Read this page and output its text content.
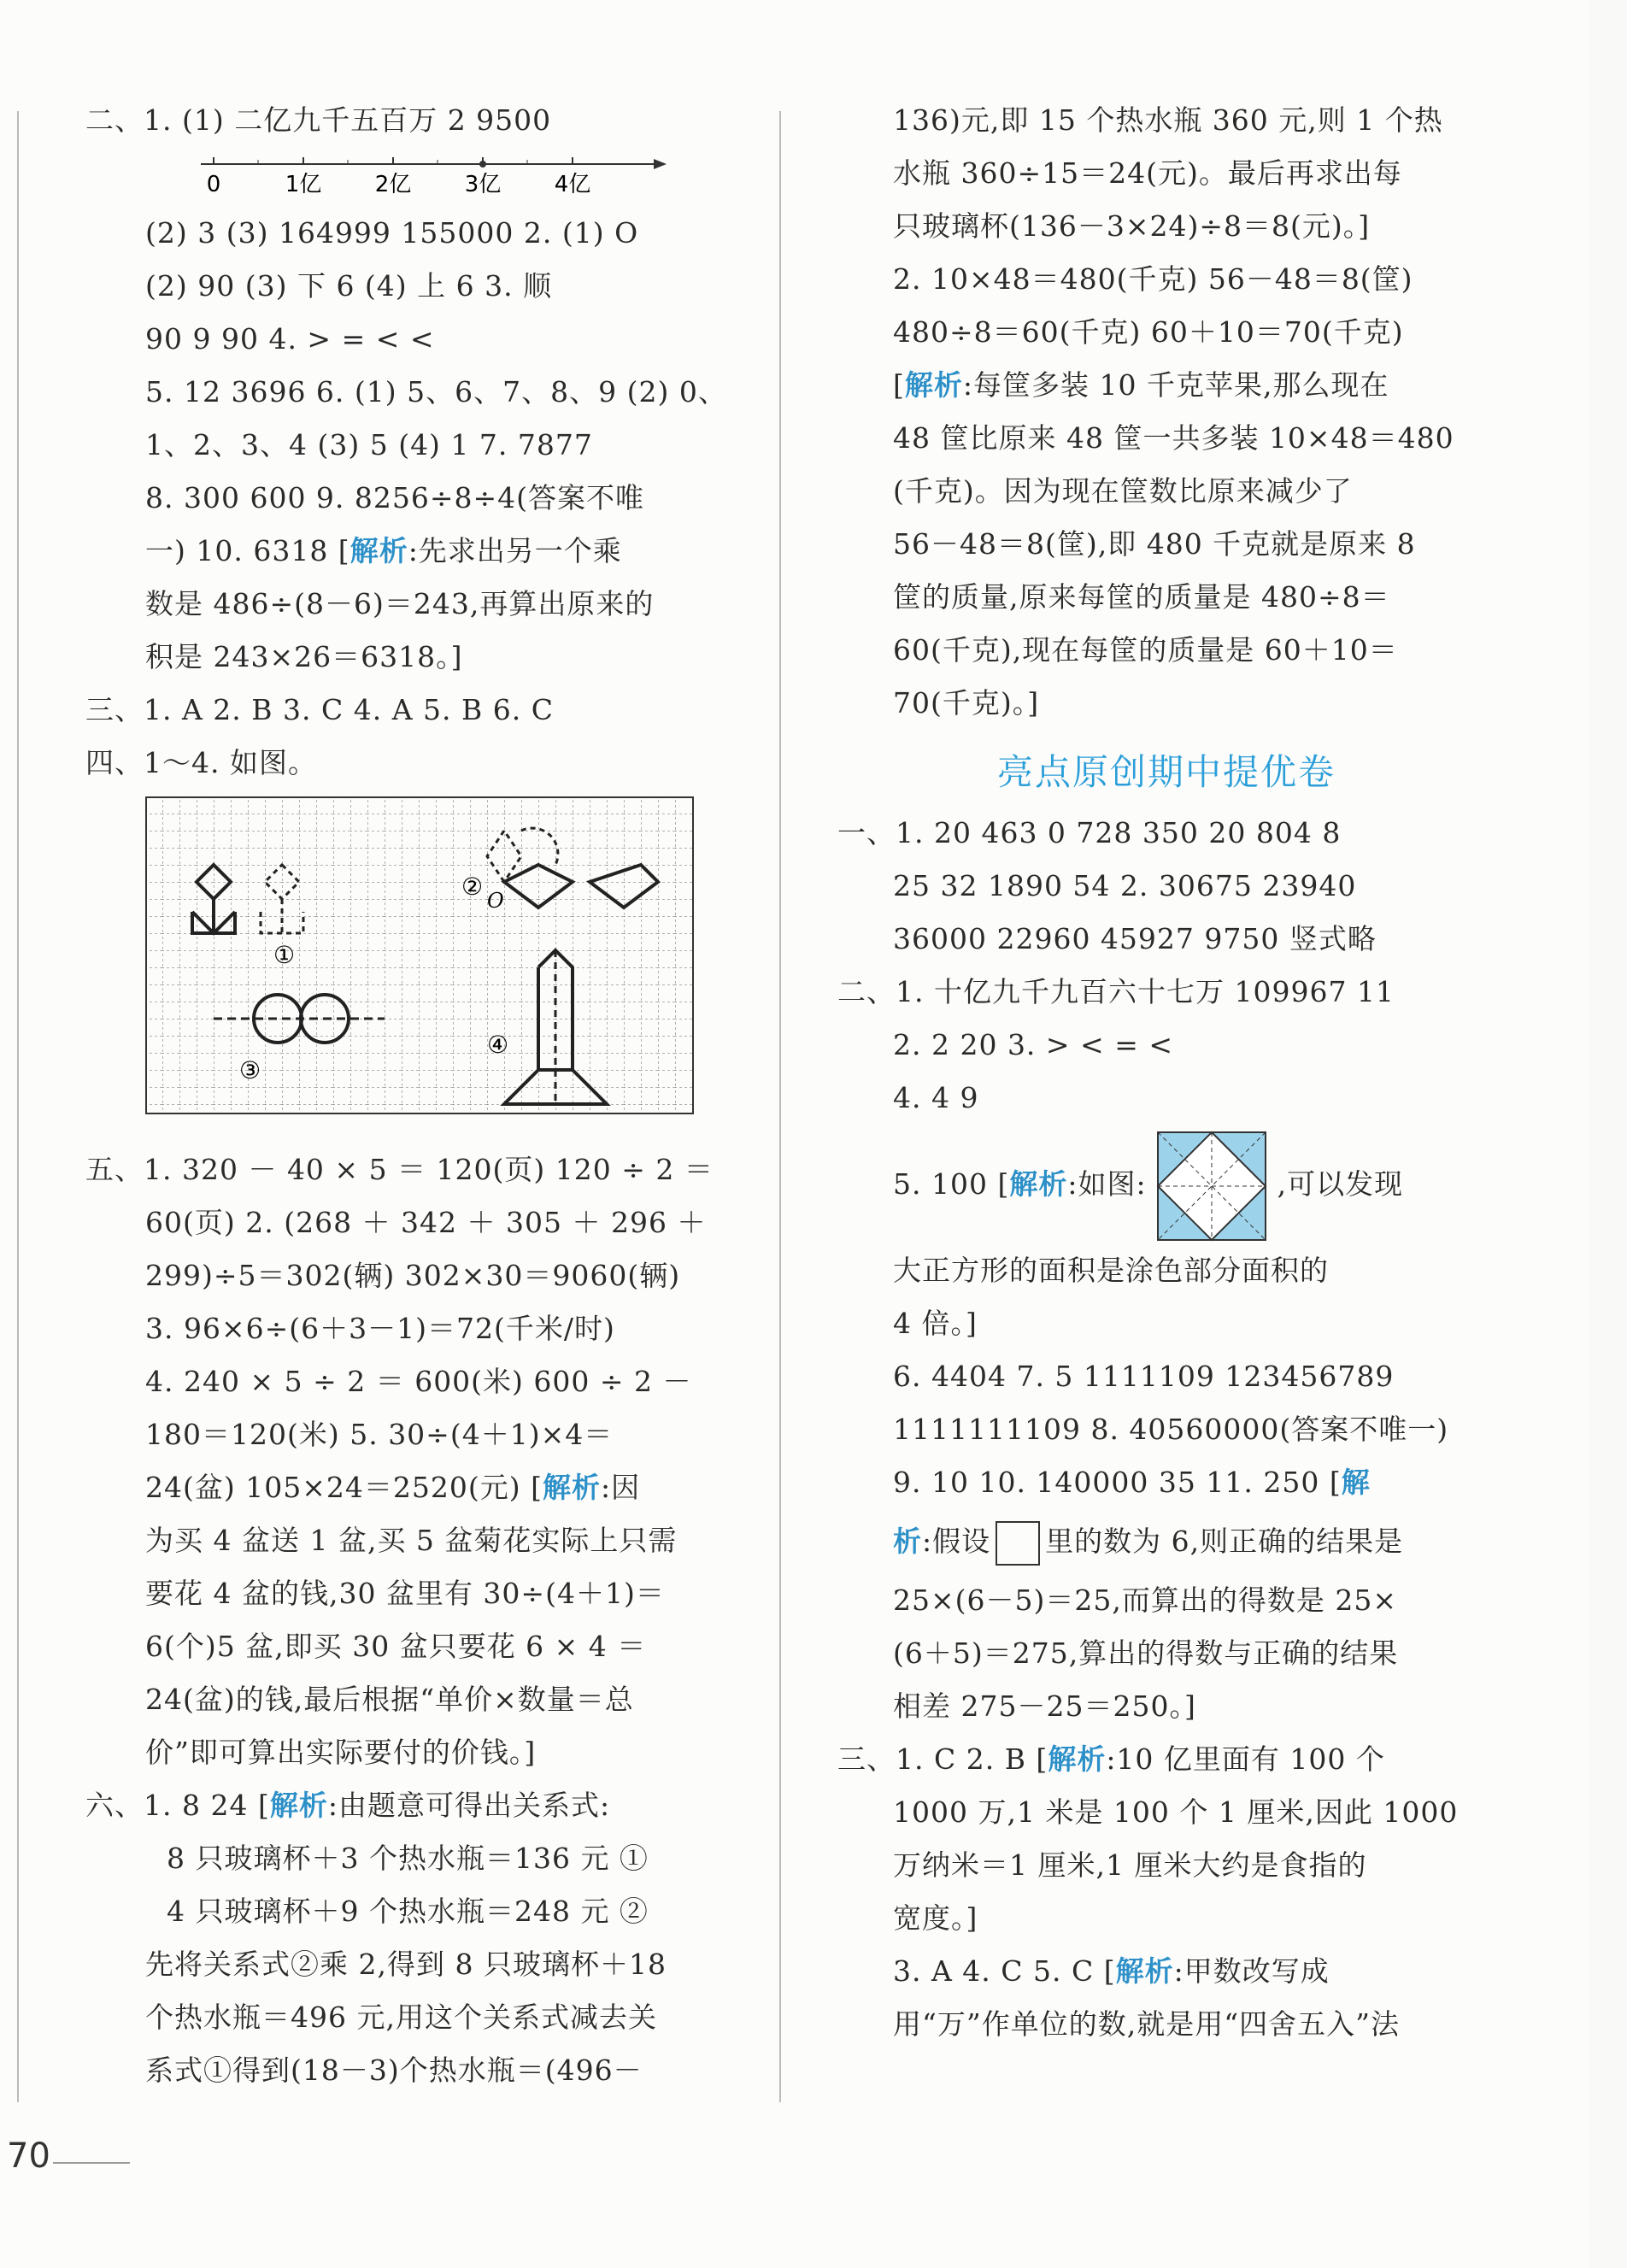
二、1. (1) 二亿九千五百万 2 9500
0	1亿 2亿 3亿 4亿
(2) 3 (3) 164999 155000 2. (1) O
(2) 90 (3) 下 6 (4) 上 6 3. 顺
90 9 90 4. > = < <
5. 12 3696 6. (1) 5、6、7、8、9 (2) 0、
1、2、3、4 (3) 5 (4) 1 7. 7877
8. 300 600 9. 8256÷8÷4(答案不唯
一) 10. 6318 [解析:先求出另一个乘
数是 486÷(8－6)＝243,再算出原来的
积是 243×26＝6318。]
三、1. A 2. B 3. C 4. A 5. B 6. C
四、1～4. 如图。
①
② O
③
④
五、1. 320 － 40 × 5 ＝ 120(页) 120 ÷ 2 ＝
60(页) 2. (268 ＋ 342 ＋ 305 ＋ 296 ＋
299)÷5＝302(辆) 302×30＝9060(辆)
3. 96×6÷(6＋3－1)＝72(千米/时)
4. 240 × 5 ÷ 2 ＝ 600(米) 600 ÷ 2 －
180＝120(米) 5. 30÷(4＋1)×4＝
24(盆) 105×24＝2520(元) [解析:因
为买 4 盆送 1 盆,买 5 盆菊花实际上只需
要花 4 盆的钱,30 盆里有 30÷(4＋1)＝
6(个)5 盆,即买 30 盆只要花 6 × 4 ＝
24(盆)的钱,最后根据“单价×数量＝总
价”即可算出实际要付的价钱。]
六、1. 8 24 [解析:由题意可得出关系式:
8 只玻璃杯＋3 个热水瓶＝136 元 ①
4 只玻璃杯＋9 个热水瓶＝248 元 ②
先将关系式②乘 2,得到 8 只玻璃杯＋18
个热水瓶＝496 元,用这个关系式减去关
系式①得到(18－3)个热水瓶＝(496－
136)元,即 15 个热水瓶 360 元,则 1 个热
水瓶 360÷15＝24(元)。最后再求出每
只玻璃杯(136－3×24)÷8＝8(元)。]
2. 10×48＝480(千克) 56－48＝8(筐)
480÷8＝60(千克) 60＋10＝70(千克)
[解析:每筐多装 10 千克苹果,那么现在
48 筐比原来 48 筐一共多装 10×48＝480
(千克)。因为现在筐数比原来减少了
56－48＝8(筐),即 480 千克就是原来 8
筐的质量,原来每筐的质量是 480÷8＝
60(千克),现在每筐的质量是 60＋10＝
70(千克)。]
亮点原创期中提优卷
一、1. 20 463 0 728 350 20 804 8
25 32 1890 54 2. 30675 23940
36000 22960 45927 9750 竖式略
二、1. 十亿九千九百六十七万 109967 11
2. 2 20 3. > < = <
4. 4 9
5. 100 [解析:如图:	,可以发现
大正方形的面积是涂色部分面积的
4 倍。]
6. 4404 7. 5 1111109 123456789
1111111109 8. 40560000(答案不唯一)
9. 10 10. 140000 35 11. 250 [解
析:假设 里的数为 6,则正确的结果是
25×(6－5)＝25,而算出的得数是 25×
(6＋5)＝275,算出的得数与正确的结果
相差 275－25＝250。]
三、1. C 2. B [解析:10 亿里面有 100 个
1000 万,1 米是 100 个 1 厘米,因此 1000
万纳米＝1 厘米,1 厘米大约是食指的
宽度。]
3. A 4. C 5. C [解析:甲数改写成
用“万”作单位的数,就是用“四舍五入”法
70
